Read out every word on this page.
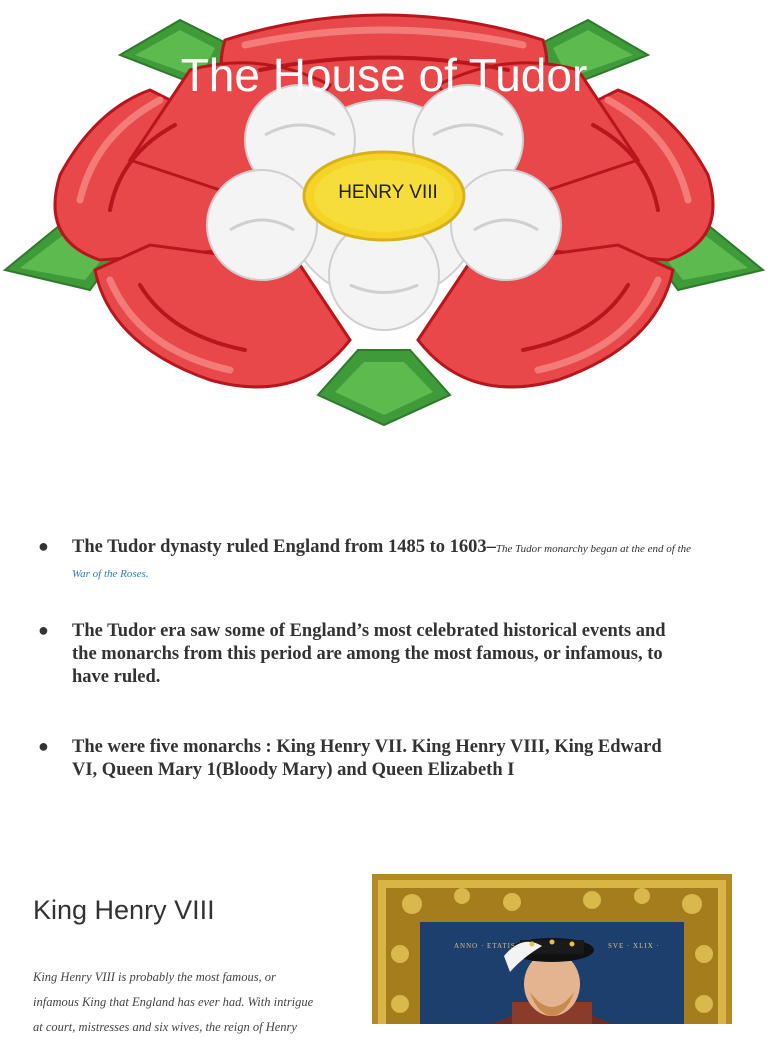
The House of Tudor
HENRY VIII
● The Tudor dynasty ruled England from 1485 to 1603–The Tudor monarchy began at the end of the
War of the Roses.
● The Tudor era saw some of England’s most celebrated historical events and
the monarchs from this period are among the most famous, or infamous, to
have ruled.
● The were five monarchs : King Henry VII. King Henry VIII, King Edward
VI, Queen Mary 1(Bloody Mary) and Queen Elizabeth I
King Henry VIII
King Henry VIII is probably the most famous, or
infamous King that England has ever had. With intrigue
at court, mistresses and six wives, the reign of Henry
ANNO · ETATIS	SVE · XLIX ·
